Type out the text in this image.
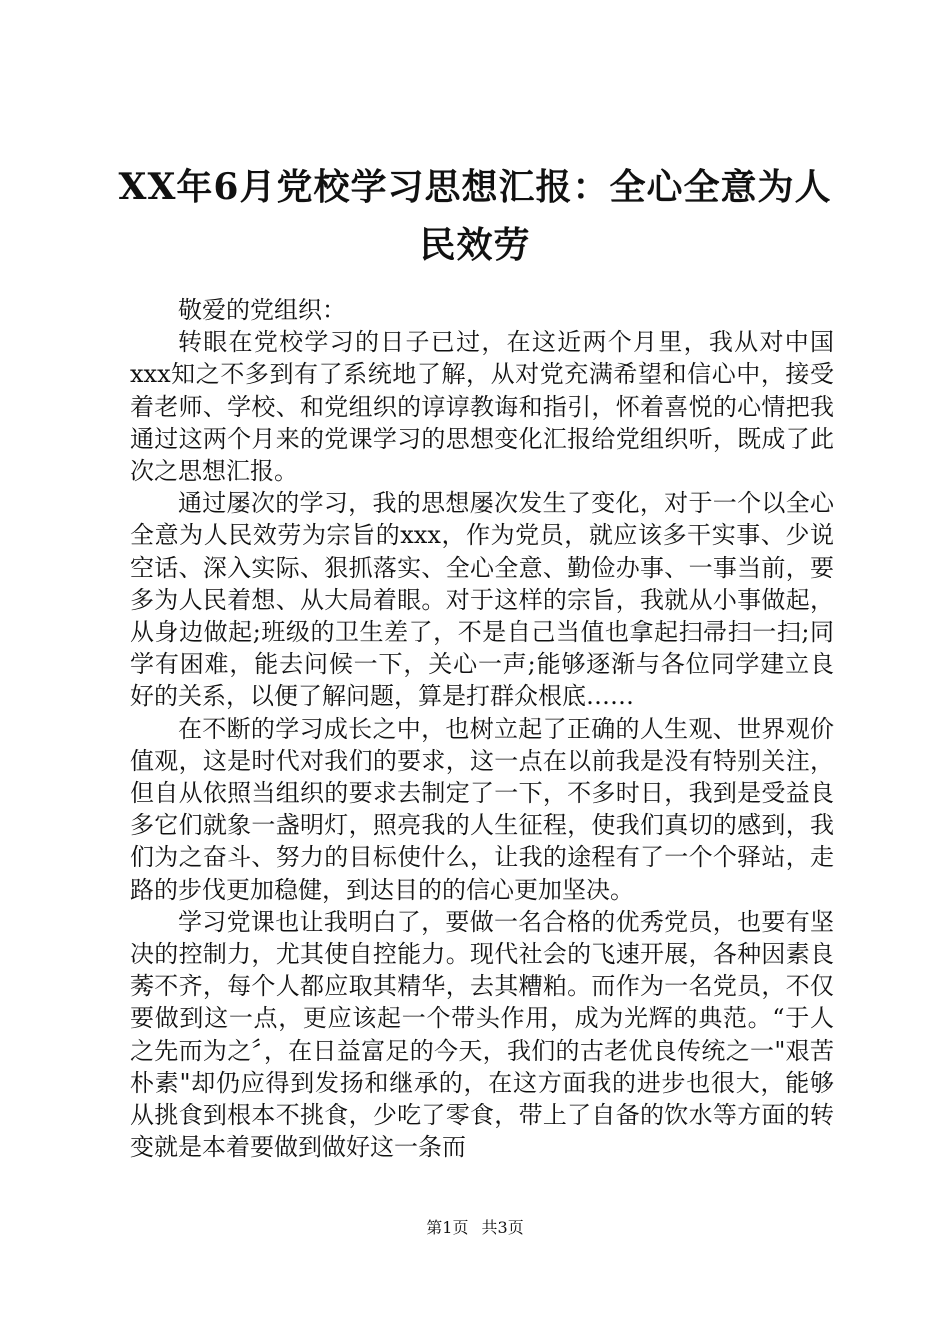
XX年6月党校学习思想汇报：全心全意为人民效劳

敬爱的党组织：

转眼在党校学习的日子已过，在这近两个月里，我从对中国xxx知之不多到有了系统地了解，从对党充满希望和信心中，接受着老师、学校、和党组织的谆谆教诲和指引，怀着喜悦的心情把我通过这两个月来的党课学习的思想变化汇报给党组织听，既成了此次之思想汇报。

通过屡次的学习，我的思想屡次发生了变化，对于一个以全心全意为人民效劳为宗旨的xxx，作为党员，就应该多干实事、少说空话、深入实际、狠抓落实、全心全意、勤俭办事、一事当前，要多为人民着想、从大局着眼。对于这样的宗旨，我就从小事做起，从身边做起;班级的卫生差了，不是自己当值也拿起扫帚扫一扫;同学有困难，能去问候一下，关心一声;能够逐渐与各位同学建立良好的关系，以便了解问题，算是打群众根底……

在不断的学习成长之中，也树立起了正确的人生观、世界观价值观，这是时代对我们的要求，这一点在以前我是没有特别关注，但自从依照当组织的要求去制定了一下，不多时日，我到是受益良多它们就象一盏明灯，照亮我的人生征程，使我们真切的感到，我们为之奋斗、努力的目标使什么，让我的途程有了一个个驿站，走路的步伐更加稳健，到达目的的信心更加坚决。

学习党课也让我明白了，要做一名合格的优秀党员，也要有坚决的控制力，尤其使自控能力。现代社会的飞速开展，各种因素良莠不齐，每个人都应取其精华，去其糟粕。而作为一名党员，不仅要做到这一点，更应该起一个带头作用，成为光辉的典范。“于人之先而为之〞，在日益富足的今天，我们的古老优良传统之一"艰苦朴素"却仍应得到发扬和继承的，在这方面我的进步也很大，能够从挑食到根本不挑食，少吃了零食，带上了自备的饮水等方面的转变就是本着要做到做好这一条而

第1页 共3页
